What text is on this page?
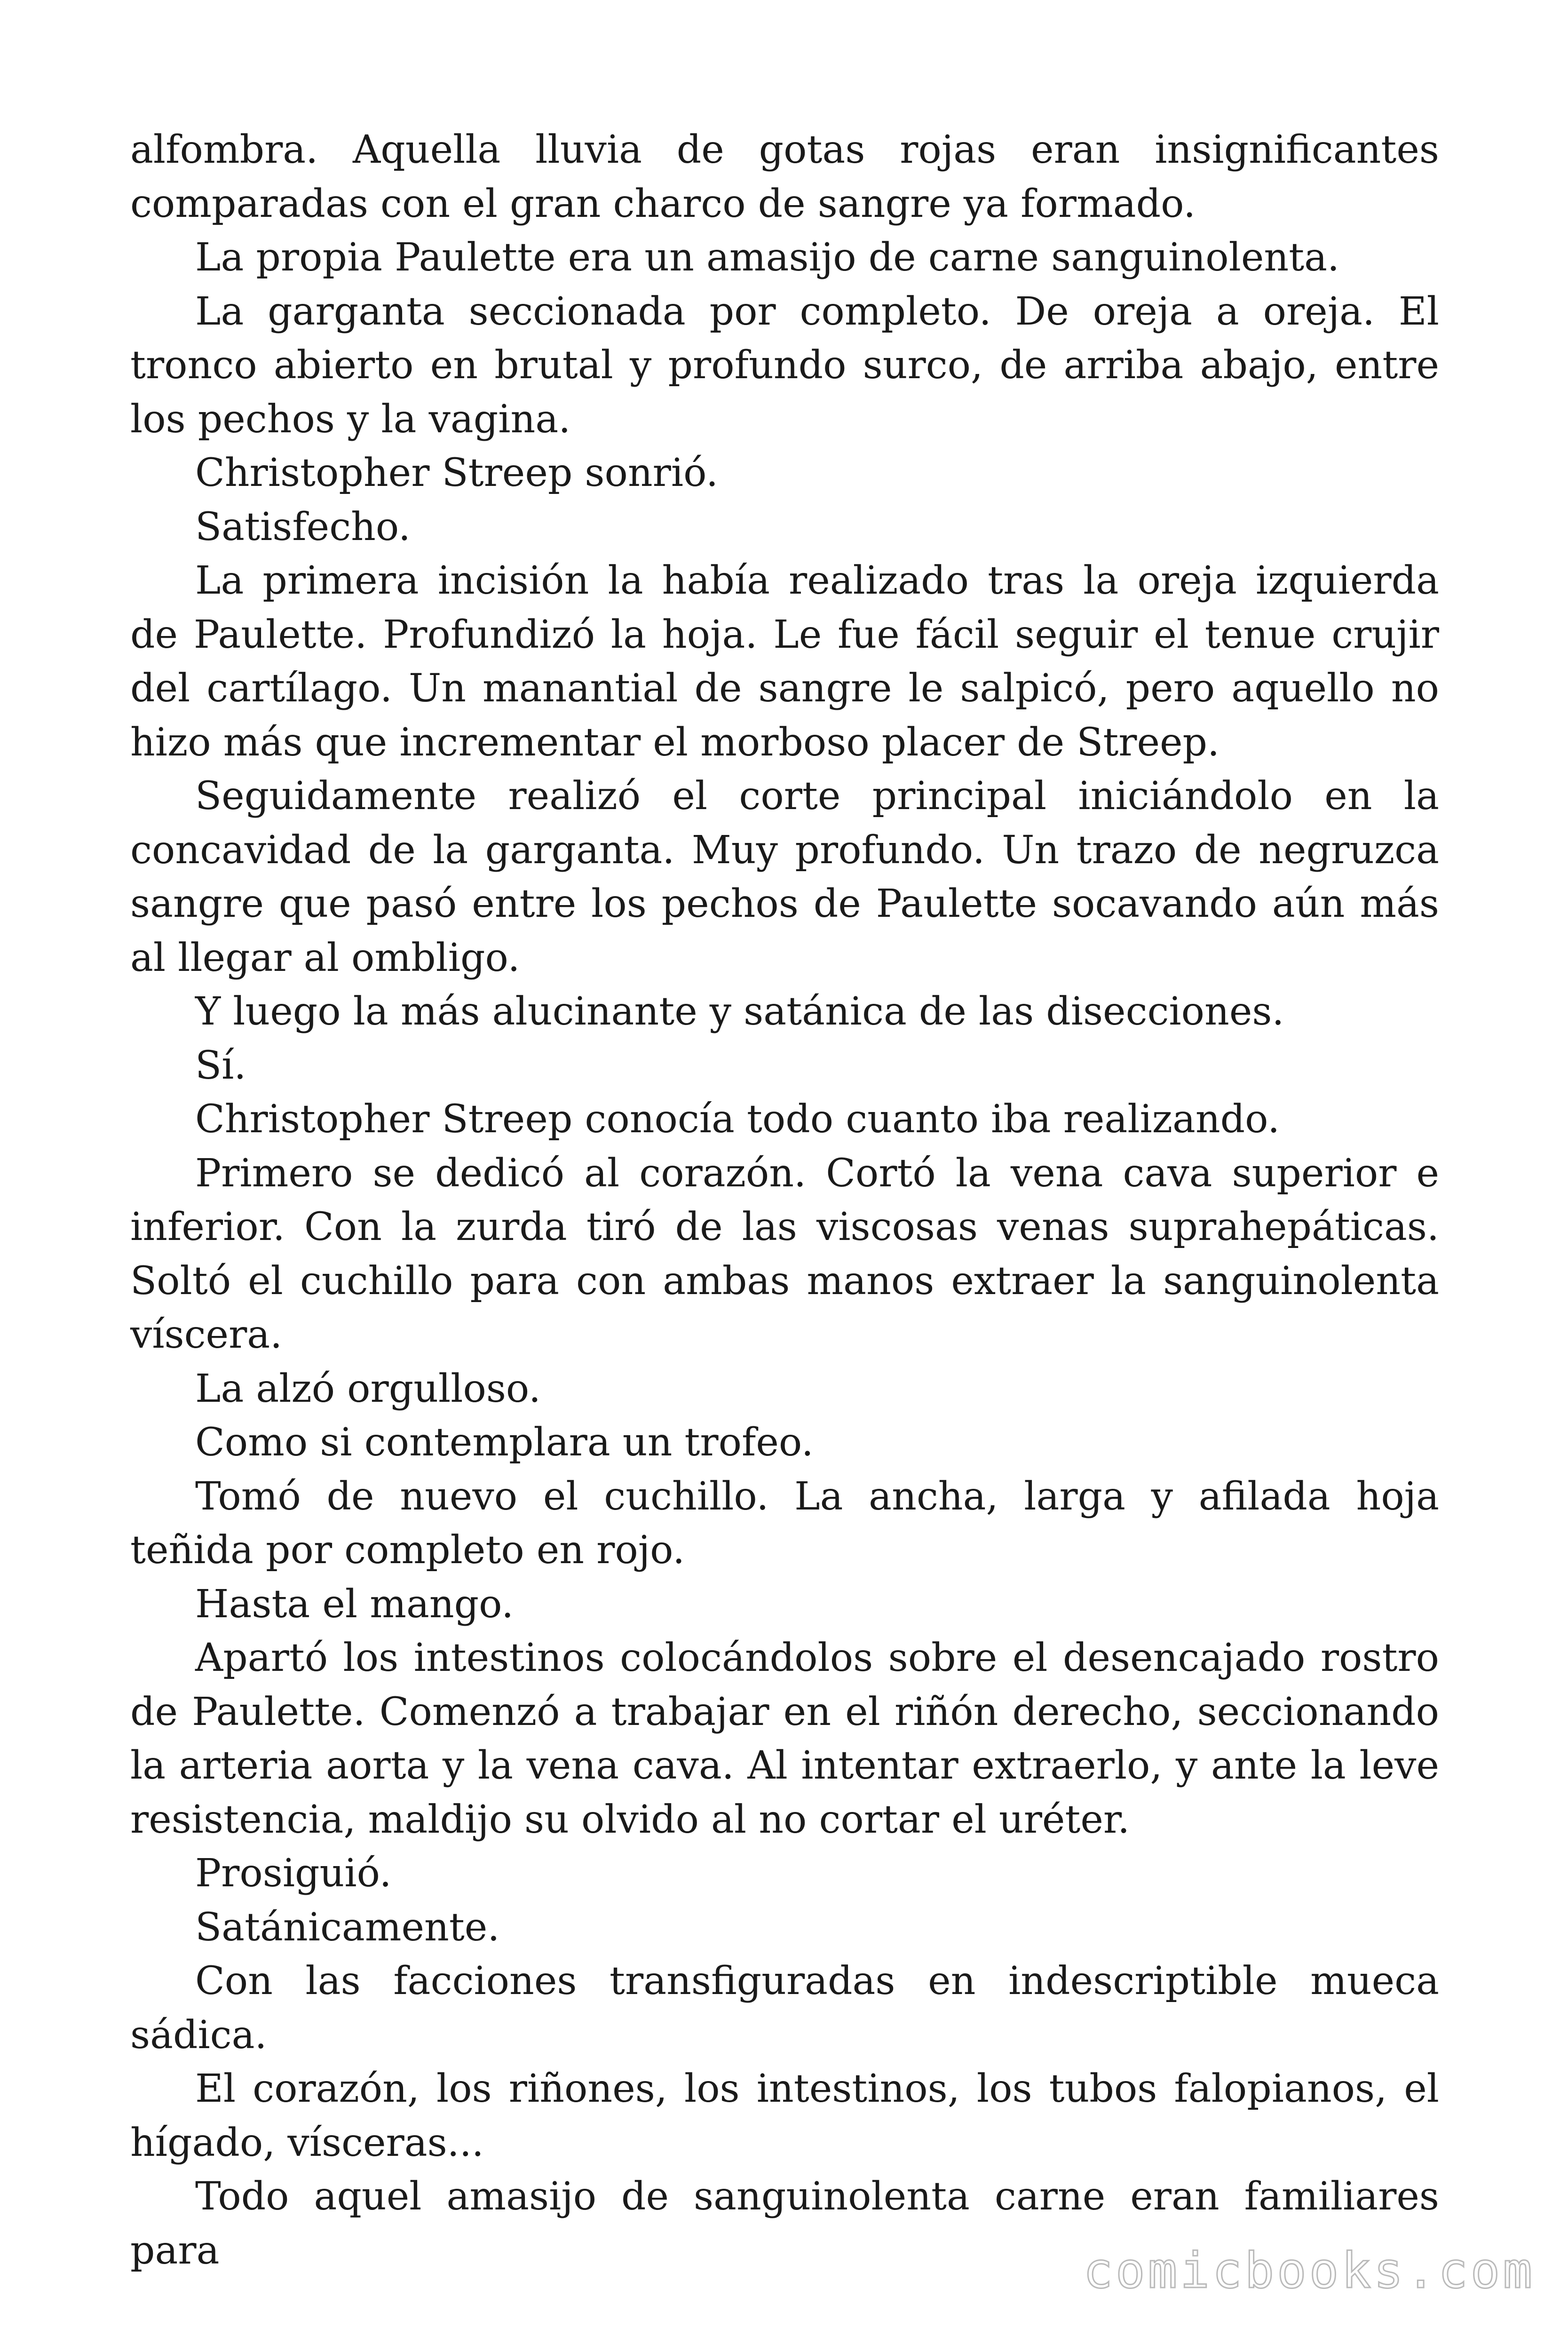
alfombra. Aquella lluvia de gotas rojas eran insignificantes comparadas con el gran charco de sangre ya formado.

La propia Paulette era un amasijo de carne sanguinolenta.

La garganta seccionada por completo. De oreja a oreja. El tronco abierto en brutal y profundo surco, de arriba abajo, entre los pechos y la vagina.

Christopher Streep sonrió.

Satisfecho.

La primera incisión la había realizado tras la oreja izquierda de Paulette. Profundizó la hoja. Le fue fácil seguir el tenue crujir del cartílago. Un manantial de sangre le salpicó, pero aquello no hizo más que incrementar el morboso placer de Streep.

Seguidamente realizó el corte principal iniciándolo en la concavidad de la garganta. Muy profundo. Un trazo de negruzca sangre que pasó entre los pechos de Paulette socavando aún más al llegar al ombligo.

Y luego la más alucinante y satánica de las disecciones.

Sí.

Christopher Streep conocía todo cuanto iba realizando.

Primero se dedicó al corazón. Cortó la vena cava superior e inferior. Con la zurda tiró de las viscosas venas suprahepáticas. Soltó el cuchillo para con ambas manos extraer la sanguinolenta víscera.

La alzó orgulloso.

Como si contemplara un trofeo.

Tomó de nuevo el cuchillo. La ancha, larga y afilada hoja teñida por completo en rojo.

Hasta el mango.

Apartó los intestinos colocándolos sobre el desencajado rostro de Paulette. Comenzó a trabajar en el riñón derecho, seccionando la arteria aorta y la vena cava. Al intentar extraerlo, y ante la leve resistencia, maldijo su olvido al no cortar el uréter.

Prosiguió.

Satánicamente.

Con las facciones transfiguradas en indescriptible mueca sádica.

El corazón, los riñones, los intestinos, los tubos falopianos, el hígado, vísceras...

Todo aquel amasijo de sanguinolenta carne eran familiares para	comicbooks.com
